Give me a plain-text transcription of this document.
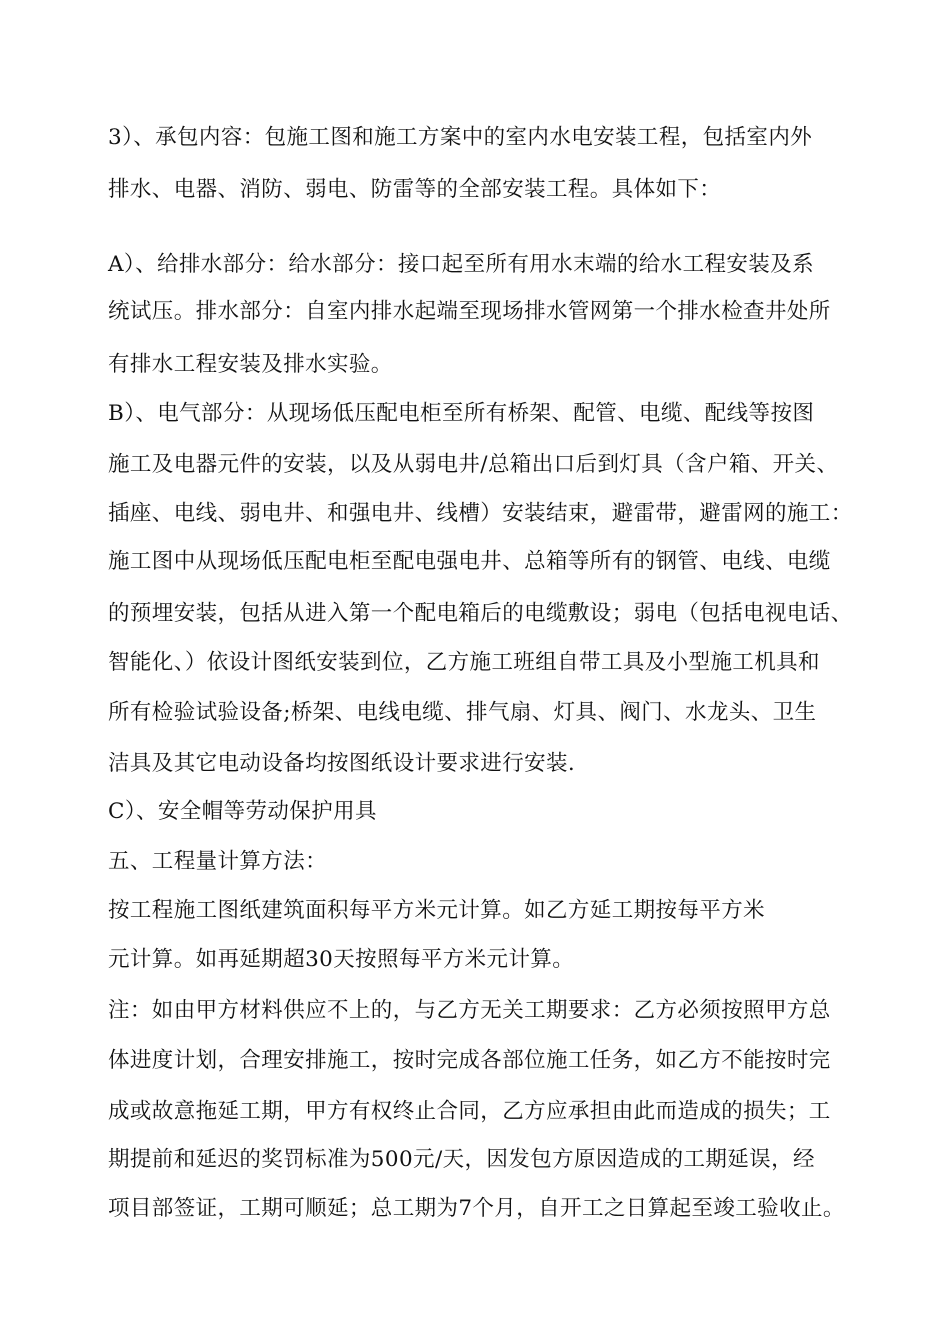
3）、承包内容：包施工图和施工方案中的室内水电安装工程，包括室内外
排水、电器、消防、弱电、防雷等的全部安装工程。具体如下：
A）、给排水部分：给水部分：接口起至所有用水末端的给水工程安装及系
统试压。排水部分：自室内排水起端至现场排水管网第一个排水检查井处所
有排水工程安装及排水实验。
B）、电气部分：从现场低压配电柜至所有桥架、配管、电缆、配线等按图
施工及电器元件的安装，以及从弱电井/总箱出口后到灯具（含户箱、开关、
插座、电线、弱电井、和强电井、线槽）安装结束，避雷带，避雷网的施工：
施工图中从现场低压配电柜至配电强电井、总箱等所有的钢管、电线、电缆
的预埋安装，包括从进入第一个配电箱后的电缆敷设；弱电（包括电视电话、
智能化、）依设计图纸安装到位，乙方施工班组自带工具及小型施工机具和
所有检验试验设备;桥架、电线电缆、排气扇、灯具、阀门、水龙头、卫生
洁具及其它电动设备均按图纸设计要求进行安装.
C）、安全帽等劳动保护用具
五、工程量计算方法：
按工程施工图纸建筑面积每平方米元计算。如乙方延工期按每平方米
元计算。如再延期超30天按照每平方米元计算。
注：如由甲方材料供应不上的，与乙方无关工期要求：乙方必须按照甲方总
体进度计划，合理安排施工，按时完成各部位施工任务，如乙方不能按时完
成或故意拖延工期，甲方有权终止合同，乙方应承担由此而造成的损失；工
期提前和延迟的奖罚标准为500元/天，因发包方原因造成的工期延误，经
项目部签证，工期可顺延；总工期为7个月，自开工之日算起至竣工验收止。
